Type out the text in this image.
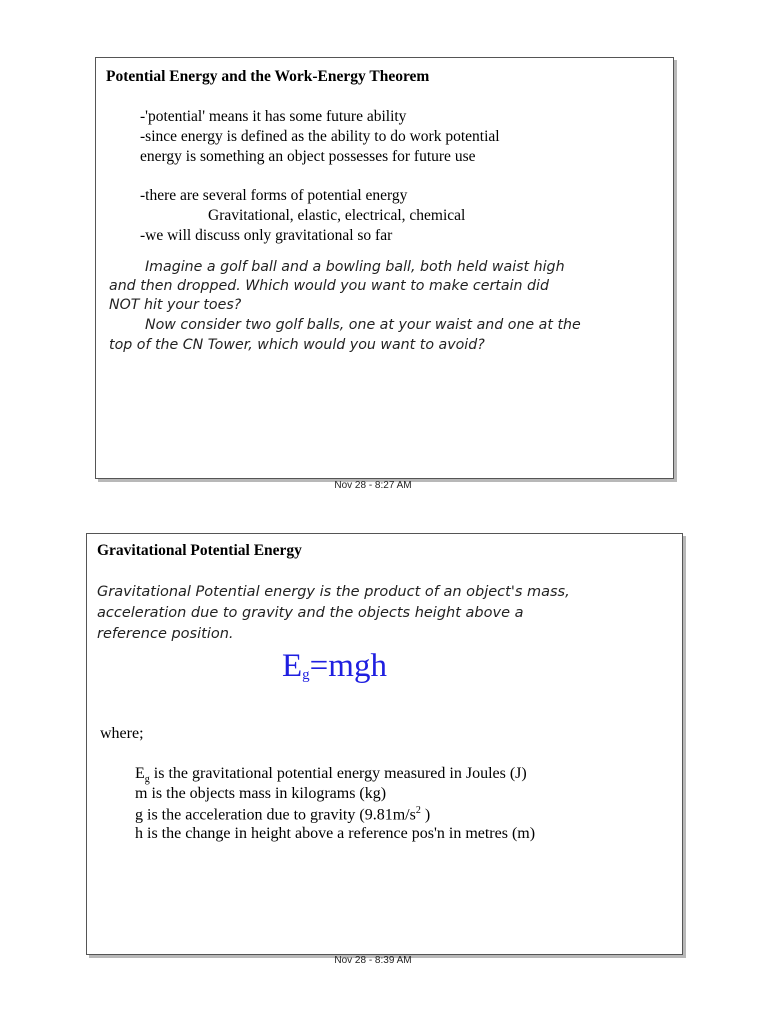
Potential Energy and the Work-Energy Theorem
-'potential' means it has some future ability
-since energy is defined as the ability to do work potential
energy is something an object possesses for future use
-there are several forms of potential energy
Gravitational, elastic, electrical, chemical
-we will discuss only gravitational so far
Imagine a golf ball and a bowling ball, both held waist high
and then dropped. Which would you want to make certain did
NOT hit your toes?
Now consider two golf balls, one at your waist and one at the
top of the CN Tower, which would you want to avoid?
Nov 28 - 8:27 AM
Gravitational Potential Energy
Gravitational Potential energy is the product of an object's mass,
acceleration due to gravity and the objects height above a
reference position.
$E_g=mgh$
where;
$E_g$ is the gravitational potential energy measured in Joules (J)
m is the objects mass in kilograms (kg)
g is the acceleration due to gravity ($9.81m/s^2$ )
h is the change in height above a reference pos'n in metres (m)
Nov 28 - 8:39 AM
